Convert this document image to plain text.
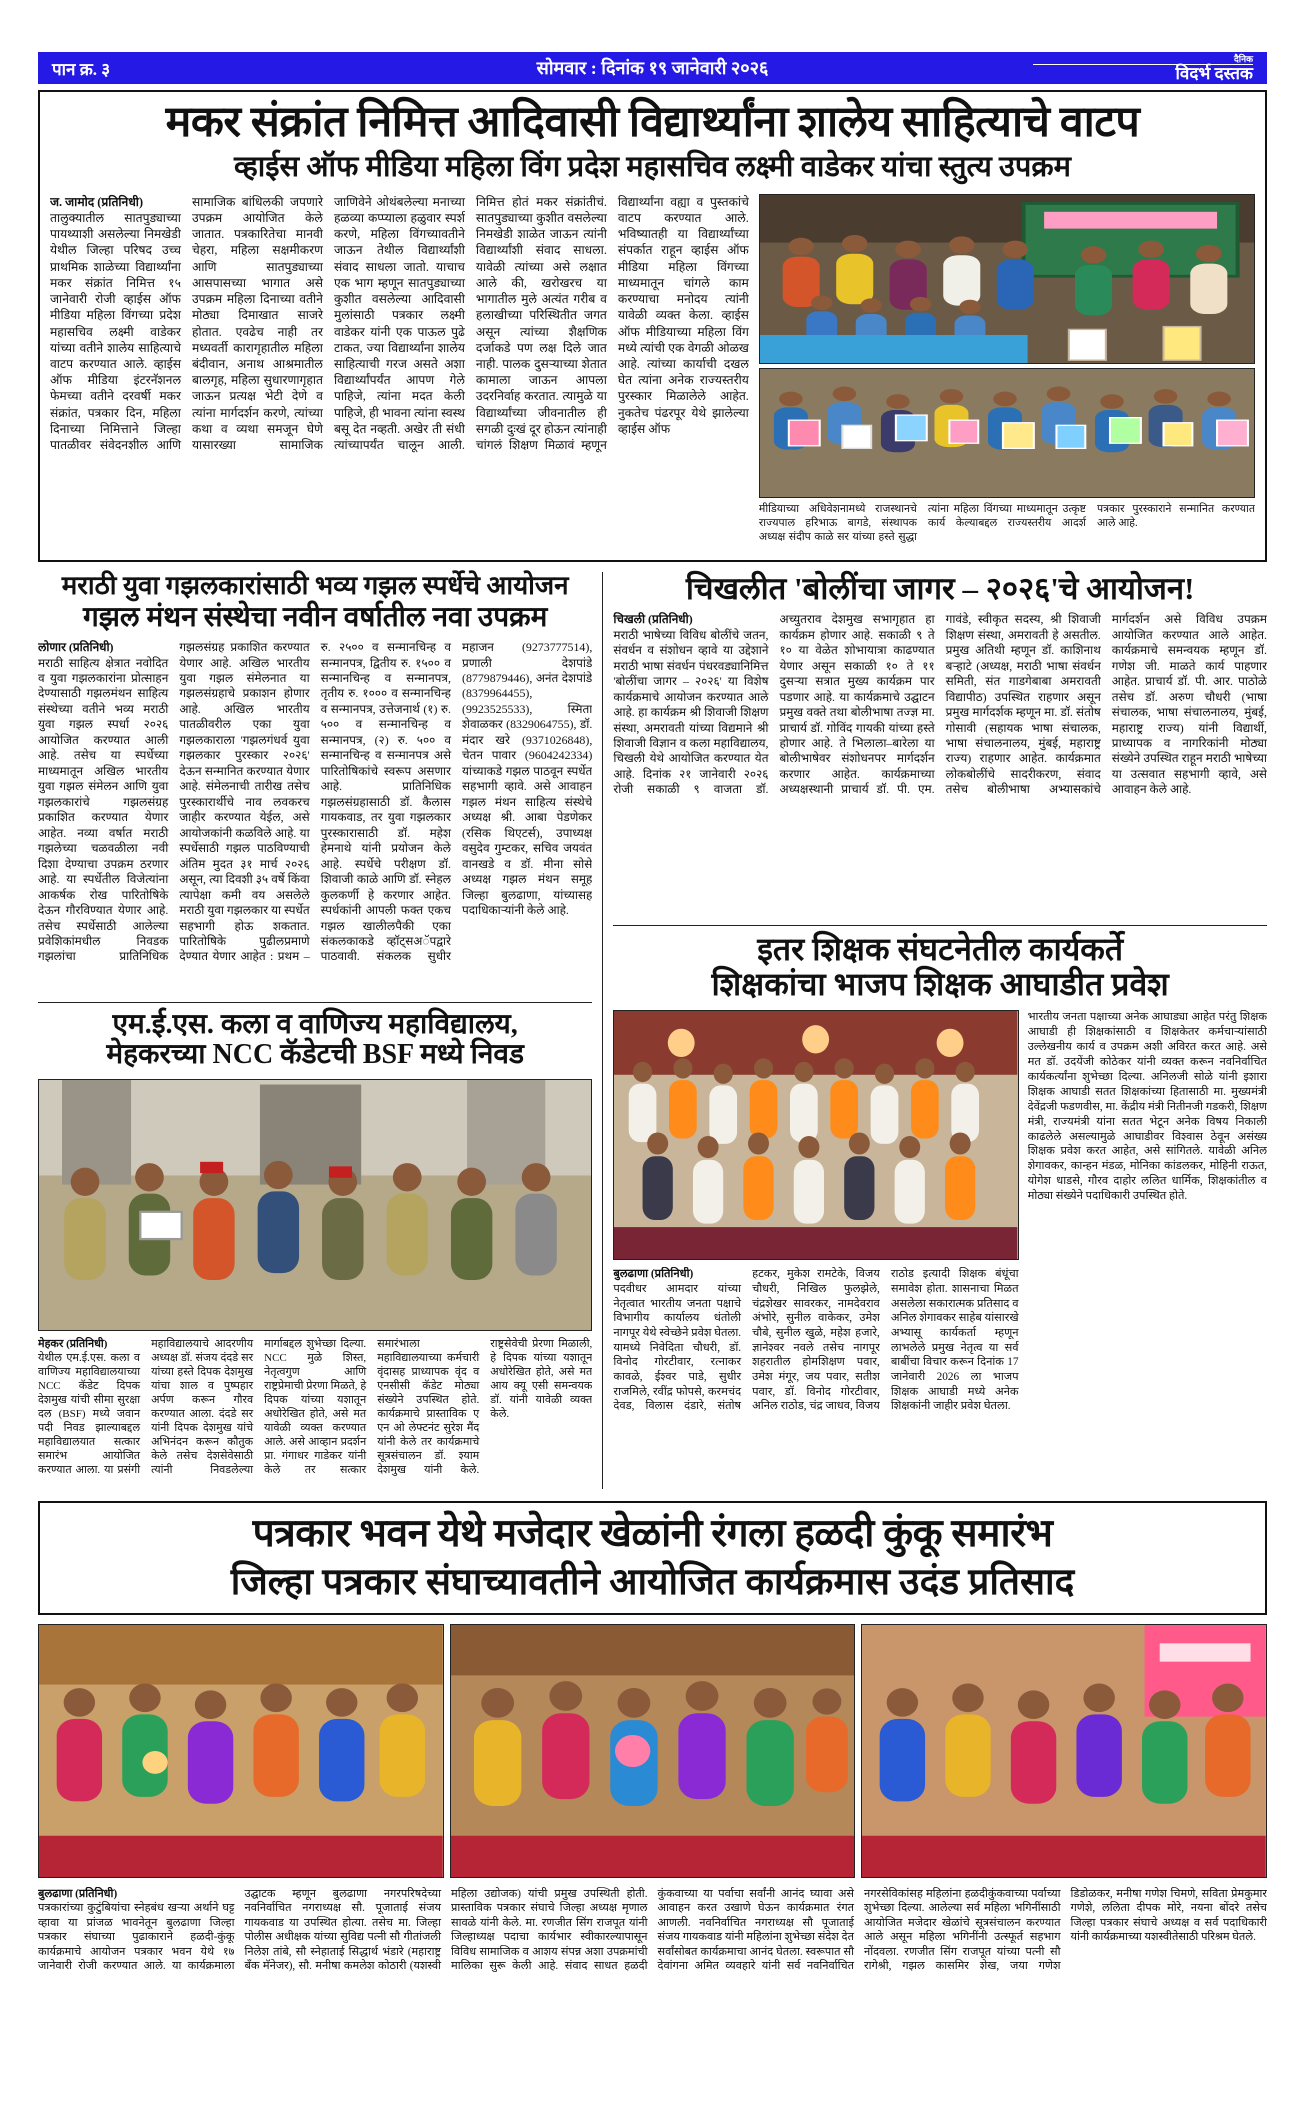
पान क्र. ३	सोमवार : दिनांक १९ जानेवारी २०२६	दैनिक
विदर्भ दस्तक
मकर संक्रांत निमित्त आदिवासी विद्यार्थ्यांना शालेय साहित्याचे वाटप
व्हाईस ऑफ मीडिया महिला विंग प्रदेश महासचिव लक्ष्मी वाडेकर यांचा स्तुत्य उपक्रम

ज. जामोद (प्रतिनिधी)
तालुक्यातील सातपुड्याच्या पायथ्याशी असलेल्या निमखेडी येथील जिल्हा परिषद उच्च प्राथमिक शाळेच्या विद्यार्थ्यांना मकर संक्रांत निमित्त १५ जानेवारी रोजी व्हाईस ऑफ मीडिया महिला विंगच्या प्रदेश महासचिव लक्ष्मी वाडेकर यांच्या वतीने शालेय साहित्याचे वाटप करण्यात आले. व्हाईस ऑफ मीडिया इंटरनॅशनल फेमच्या वतीने दरवर्षी मकर संक्रांत, पत्रकार दिन, महिला दिनाच्या निमित्ताने जिल्हा पातळीवर संवेदनशील आणि सामाजिक बांधिलकी जपणारे उपक्रम आयोजित केले जातात. पत्रकारितेचा मानवी चेहरा, महिला सक्षमीकरण आणि सातपुड्याच्या आसपासच्या भागात असे उपक्रम महिला दिनाच्या वतीने मोठ्या दिमाखात साजरे होतात. एवढेच नाही तर मध्यवर्ती कारागृहातील महिला बंदीवान, अनाथ आश्रमातील बालगृह, महिला सुधारणागृहात जाऊन प्रत्यक्ष भेटी देणे व त्यांना मार्गदर्शन करणे, त्यांच्या कथा व व्यथा समजून घेणे यासारख्या सामाजिक जाणिवेने ओथंबलेल्या मनाच्या हळव्या कप्प्याला हळुवार स्पर्श करणे, महिला विंगच्यावतीने जाऊन तेथील विद्यार्थ्यांशी संवाद साधला जातो. याचाच एक भाग म्हणून सातपुड्याच्या कुशीत वसलेल्या आदिवासी मुलांसाठी पत्रकार लक्ष्मी वाडेकर यांनी एक पाऊल पुढे टाकत, ज्या विद्यार्थ्यांना शालेय साहित्याची गरज असते अशा विद्यार्थ्यांपर्यंत आपण गेले पाहिजे, त्यांना मदत केली पाहिजे, ही भावना त्यांना स्वस्थ बसू देत नव्हती. अखेर ती संधी त्यांच्यापर्यंत चालून आली. निमित्त होतं मकर संक्रांतीचं. सातपुड्याच्या कुशीत वसलेल्या निमखेडी शाळेत जाऊन त्यांनी विद्यार्थ्यांशी संवाद साधला. यावेळी त्यांच्या असे लक्षात आले की, खरोखरच या भागातील मुले अत्यंत गरीब व हलाखीच्या परिस्थितीत जगत असून त्यांच्या शैक्षणिक दर्जाकडे पण लक्ष दिले जात नाही. पालक दुसऱ्याच्या शेतात कामाला जाऊन आपला उदरनिर्वाह करतात. त्यामुळे या विद्यार्थ्यांच्या जीवनातील ही सगळी दुःखं दूर होऊन त्यांनाही चांगलं शिक्षण मिळावं म्हणून विद्यार्थ्यांना वह्या व पुस्तकांचे वाटप करण्यात आले. भविष्यातही या विद्यार्थ्यांच्या संपर्कात राहून व्हाईस ऑफ मीडिया महिला विंगच्या माध्यमातून चांगले काम करण्याचा मनोदय त्यांनी यावेळी व्यक्त केला. व्हाईस ऑफ मीडियाच्या महिला विंग मध्ये त्यांची एक वेगळी ओळख आहे. त्यांच्या कार्याची दखल घेत त्यांना अनेक राज्यस्तरीय पुरस्कार मिळालेले आहेत. नुकतेच पंढरपूर येथे झालेल्या व्हाईस ऑफ

मीडियाच्या अधिवेशनामध्ये राजस्थानचे राज्यपाल हरिभाऊ बागडे, संस्थापक अध्यक्ष संदीप काळे सर यांच्या हस्ते सुद्धा त्यांना महिला विंगच्या माध्यमातून उत्कृष्ट कार्य केल्याबद्दल राज्यस्तरीय आदर्श पत्रकार पुरस्काराने सन्मानित करण्यात आले आहे.

मराठी युवा गझलकारांसाठी भव्य गझल स्पर्धेचे आयोजन
गझल मंथन संस्थेचा नवीन वर्षातील नवा उपक्रम

लोणार (प्रतिनिधी)
मराठी साहित्य क्षेत्रात नवोदित व युवा गझलकारांना प्रोत्साहन देण्यासाठी गझलमंथन साहित्य संस्थेच्या वतीने भव्य मराठी युवा गझल स्पर्धा २०२६ आयोजित करण्यात आली आहे. तसेच या स्पर्धेच्या माध्यमातून अखिल भारतीय युवा गझल संमेलन आणि युवा गझलकारांचे गझलसंग्रह प्रकाशित करण्यात येणार आहेत. नव्या वर्षात मराठी गझलेच्या चळवळीला नवी दिशा देण्याचा उपक्रम ठरणार आहे. या स्पर्धेतील विजेत्यांना आकर्षक रोख पारितोषिके देऊन गौरविण्यात येणार आहे. तसेच स्पर्धेसाठी आलेल्या प्रवेशिकांमधील निवडक गझलांचा प्रातिनिधिक गझलसंग्रह प्रकाशित करण्यात येणार आहे. अखिल भारतीय युवा गझल संमेलनात या गझलसंग्रहाचे प्रकाशन होणार आहे. अखिल भारतीय पातळीवरील एका युवा गझलकाराला 'गझलगंधर्व युवा गझलकार पुरस्कार २०२६' देऊन सन्मानित करण्यात येणार आहे. संमेलनाची तारीख तसेच पुरस्कारार्थीचे नाव लवकरच जाहीर करण्यात येईल, असे आयोजकांनी कळविले आहे. या स्पर्धेसाठी गझल पाठविण्याची अंतिम मुदत ३१ मार्च २०२६ असून, त्या दिवशी ३५ वर्षे किंवा त्यापेक्षा कमी वय असलेले मराठी युवा गझलकार या स्पर्धेत सहभागी होऊ शकतात. पारितोषिके पुढीलप्रमाणे देण्यात येणार आहेत : प्रथम – रु. २५०० व सन्मानचिन्ह व सन्मानपत्र, द्वितीय रु. १५०० व सन्मानचिन्ह व सन्मानपत्र, तृतीय रु. १००० व सन्मानचिन्ह व सन्मानपत्र, उत्तेजनार्थ (१) रु. ५०० व सन्मानचिन्ह व सन्मानपत्र, (२) रु. ५०० व सन्मानचिन्ह व सन्मानपत्र असे पारितोषिकांचे स्वरूप असणार आहे. प्रातिनिधिक गझलसंग्रहासाठी डॉ. कैलास गायकवाड, तर युवा गझलकार पुरस्कारासाठी डॉ. महेश हेमनाथे यांनी प्रयोजन केले आहे. स्पर्धेचे परीक्षण डॉ. शिवाजी काळे आणि डॉ. स्नेहल कुलकर्णी हे करणार आहेत. स्पर्धकांनी आपली फक्त एकच गझल खालीलपैकी एका संकलकाकडे व्हॉट्सअॅपद्वारे पाठवावी. संकलक सुधीर महाजन (9273777514), प्रणाली देशपांडे (8779879446), अनंत देशपांडे (8379964455), (9923525533), स्मिता शेवाळकर (8329064755), डॉ. मंदार खरे (9371026848), चेतन पावार (9604242334) यांच्याकडे गझल पाठवून स्पर्धेत सहभागी व्हावे. असे आवाहन गझल मंथन साहित्य संस्थेचे अध्यक्ष श्री. आबा पेडणेकर (रसिक थिएटर्स), उपाध्यक्ष वसुदेव गुम्टकर, सचिव जयवंत वानखडे व डॉ. मीना सोसे अध्यक्ष गझल मंथन समूह जिल्हा बुलढाणा, यांच्यासह पदाधिकाऱ्यांनी केले आहे.

एम.ई.एस. कला व वाणिज्य महाविद्यालय,
मेहकरच्या NCC कॅडेटची BSF मध्ये निवड

मेहकर (प्रतिनिधी)
येथील एम.ई.एस. कला व वाणिज्य महाविद्यालयाच्या NCC कॅडेट दिपक देशमुख यांची सीमा सुरक्षा दल (BSF) मध्ये जवान पदी निवड झाल्याबद्दल महाविद्यालयात सत्कार समारंभ आयोजित करण्यात आला. या प्रसंगी महाविद्यालयाचे आदरणीय अध्यक्ष डॉ. संजय दंदडे सर यांच्या हस्ते दिपक देशमुख यांचा शाल व पुष्पहार अर्पण करून गौरव करण्यात आला. दंदडे सर यांनी दिपक देशमुख यांचे अभिनंदन करून कौतुक केले तसेच देशसेवेसाठी त्यांनी निवडलेल्या मार्गाबद्दल शुभेच्छा दिल्या. NCC मुळे शिस्त, नेतृत्वगुण आणि राष्ट्रप्रेमाची प्रेरणा मिळते, हे दिपक यांच्या यशातून अधोरेखित होते, असे मत यावेळी व्यक्त करण्यात आले. असे आव्हान प्रदर्शन प्रा. गंगाधर गाडेकर यांनी केले तर सत्कार समारंभाला महाविद्यालयाच्या कर्मचारी वृंदासह प्राध्यापक वृंद व एनसीसी कॅडेट मोठ्या संख्येने उपस्थित होते. कार्यक्रमाचे प्रास्ताविक ए एन ओ लेफ्टनंट सुरेश मैंद यांनी केले तर कार्यक्रमाचे सूत्रसंचालन डॉ. श्याम देशमुख यांनी केले. राष्ट्रसेवेची प्रेरणा मिळाली, हे दिपक यांच्या यशातून अधोरेखित होते, असे मत आय क्यू एसी समन्वयक डॉ. यांनी यावेळी व्यक्त केले.

चिखलीत 'बोलींचा जागर – २०२६'चे आयोजन!

चिखली (प्रतिनिधी)
मराठी भाषेच्या विविध बोलींचे जतन, संवर्धन व संशोधन व्हावे या उद्देशाने मराठी भाषा संवर्धन पंधरवड्यानिमित्त 'बोलींचा जागर – २०२६' या विशेष कार्यक्रमाचे आयोजन करण्यात आले आहे. हा कार्यक्रम श्री शिवाजी शिक्षण संस्था, अमरावती यांच्या विद्यमाने श्री शिवाजी विज्ञान व कला महाविद्यालय, चिखली येथे आयोजित करण्यात येत आहे. दिनांक २१ जानेवारी २०२६ रोजी सकाळी ९ वाजता डॉ. अच्युतराव देशमुख सभागृहात हा कार्यक्रम होणार आहे. सकाळी ९ ते १० या वेळेत शोभायात्रा काढण्यात येणार असून सकाळी १० ते ११ दुसऱ्या सत्रात मुख्य कार्यक्रम पार पडणार आहे. या कार्यक्रमाचे उद्घाटन प्रमुख वक्ते तथा बोलीभाषा तज्ज्ञ मा. प्राचार्य डॉ. गोविंद गायकी यांच्या हस्ते होणार आहे. ते भिलाला–बारेला या बोलीभाषेवर संशोधनपर मार्गदर्शन करणार आहेत. कार्यक्रमाच्या अध्यक्षस्थानी प्राचार्य डॉ. पी. एम. गावंडे, स्वीकृत सदस्य, श्री शिवाजी शिक्षण संस्था, अमरावती हे असतील. प्रमुख अतिथी म्हणून डॉ. काशिनाथ बऱ्हाटे (अध्यक्ष, मराठी भाषा संवर्धन समिती, संत गाडगेबाबा अमरावती विद्यापीठ) उपस्थित राहणार असून प्रमुख मार्गदर्शक म्हणून मा. डॉ. संतोष गोसावी (सहायक भाषा संचालक, भाषा संचालनालय, मुंबई, महाराष्ट्र राज्य) राहणार आहेत. कार्यक्रमात लोकबोलींचे सादरीकरण, संवाद तसेच बोलीभाषा अभ्यासकांचे मार्गदर्शन असे विविध उपक्रम आयोजित करण्यात आले आहेत. कार्यक्रमाचे समन्वयक म्हणून डॉ. गणेश जी. माळते कार्य पाहणार आहेत. प्राचार्य डॉ. पी. आर. पाठोळे तसेच डॉ. अरुण चौधरी (भाषा संचालक, भाषा संचालनालय, मुंबई, महाराष्ट्र राज्य) यांनी विद्यार्थी, प्राध्यापक व नागरिकांनी मोठ्या संख्येने उपस्थित राहून मराठी भाषेच्या या उत्सवात सहभागी व्हावे, असे आवाहन केले आहे.

इतर शिक्षक संघटनेतील कार्यकर्ते
शिक्षकांचा भाजप शिक्षक आघाडीत प्रवेश

बुलढाणा (प्रतिनिधी)
पदवीधर आमदार यांच्या नेतृत्वात भारतीय जनता पक्षाचे विभागीय कार्यालय धंतोली नागपूर येथे स्वेच्छेने प्रवेश घेतला. यामध्ये निवेदिता चौधरी, डॉ. विनोद गोरटीवार, रत्नाकर कावळे, ईश्वर पाडे, सुधीर राजमिले, रवींद्र फोपसे, करमचंद देवड, विलास दंडारे, संतोष हटकर, मुकेश रामटेके, विजय चौधरी, निखिल फुलझेले, चंद्रशेखर सावरकर, नामदेवराव अंभोरे, सुनील वाकेकर, उमेश चौबे, सुनील खुळे, महेश हजारे, ज्ञानेश्वर नवले तसेच नागपूर शहरातील होमशिक्षण पवार, उमेश मंगूर, जय पवार, सतीश पवार, डॉ. विनोद गोरटीवार, अनिल राठोड, चंद्र जाधव, विजय राठोड इत्यादी शिक्षक बंधूंचा समावेश होता. शासनाचा मिळत असलेला सकारात्मक प्रतिसाद व अनिल शेगावकर साहेब यांसारखे अभ्यासू कार्यकर्ता म्हणून लाभलेले प्रमुख नेतृत्व या सर्व बाबींचा विचार करून दिनांक 17 जानेवारी 2026 ला भाजप शिक्षक आघाडी मध्ये अनेक शिक्षकांनी जाहीर प्रवेश घेतला.

भारतीय जनता पक्षाच्या अनेक आघाड्या आहेत परंतु शिक्षक आघाडी ही शिक्षकांसाठी व शिक्षकेतर कर्मचाऱ्यांसाठी उल्लेखनीय कार्य व उपक्रम अशी अविरत करत आहे. असे मत डॉ. उदयेंजी कोठेकर यांनी व्यक्त करून नवनिर्वाचित कार्यकर्त्यांना शुभेच्छा दिल्या. अनिलजी सोळे यांनी इशारा शिक्षक आघाडी सतत शिक्षकांच्या हितासाठी मा. मुख्यमंत्री देवेंद्रजी फडणवीस, मा. केंद्रीय मंत्री नितीनजी गडकरी, शिक्षण मंत्री, राज्यमंत्री यांना सतत भेटून अनेक विषय निकाली काढलेले असल्यामुळे आघाडीवर विश्वास ठेवून असंख्य शिक्षक प्रवेश करत आहेत, असे सांगितले. यावेळी अनिल शेगावकर, कान्हन मंडळ, मोनिका कांडलकर, मोहिनी राऊत, योगेश धाडसे, गौरव दाहोर ललित धार्मिक, शिक्षकांतील व मोठ्या संख्येने पदाधिकारी उपस्थित होते.

पत्रकार भवन येथे मजेदार खेळांनी रंगला हळदी कुंकू समारंभ
जिल्हा पत्रकार संघाच्यावतीने आयोजित कार्यक्रमास उदंड प्रतिसाद

बुलढाणा (प्रतिनिधी)
पत्रकारांच्या कुटुंबियांचा स्नेहबंध खऱ्या अर्थाने घट्ट व्हावा या प्रांजळ भावनेतून बुलढाणा जिल्हा पत्रकार संघाच्या पुढाकाराने हळदी-कुंकू कार्यक्रमाचे आयोजन पत्रकार भवन येथे १७ जानेवारी रोजी करण्यात आले. या कार्यक्रमाला उद्घाटक म्हणून बुलढाणा नगरपरिषदेच्या नवनिर्वाचित नगराध्यक्ष सौ. पूजाताई संजय गायकवाड या उपस्थित होत्या. तसेच मा. जिल्हा पोलीस अधीक्षक यांच्या सुविद्य पत्नी सौ गीतांजली निलेश तांबे, सौ स्नेहाताई सिद्धार्थ भंडारे (महाराष्ट्र बँक मॅनेजर), सौ. मनीषा कमलेश कोठारी (यशस्वी महिला उद्योजक) यांची प्रमुख उपस्थिती होती. प्रास्ताविक पत्रकार संघाचे जिल्हा अध्यक्ष मृणाल सावळे यांनी केले. मा. रणजीत सिंग राजपूत यांनी जिल्हाध्यक्ष पदाचा कार्यभार स्वीकारल्यापासून विविध सामाजिक व आशय संपन्न अशा उपक्रमांची मालिका सुरू केली आहे. संवाद साधत हळदी कुंकवाच्या या पर्वाचा सर्वांनी आनंद घ्यावा असे आवाहन करत उखाणे घेऊन कार्यक्रमात रंगत आणली. नवनिर्वाचित नगराध्यक्ष सौ पूजाताई संजय गायकवाड यांनी महिलांना शुभेच्छा संदेश देत सर्वांसोबत कार्यक्रमाचा आनंद घेतला. स्वरूपात सौ देवांगना अमित व्यवहारे यांनी सर्व नवनिर्वाचित नगरसेविकांसह महिलांना हळदीकुंकवाच्या पर्वाच्या शुभेच्छा दिल्या. आलेल्या सर्व महिला भगिनींसाठी आयोजित मजेदार खेळांचे सूत्रसंचालन करण्यात आले असून महिला भगिनींनी उत्स्फूर्त सहभाग नोंदवला. रणजीत सिंग राजपूत यांच्या पत्नी सौ रागेश्री, गझल कासमिर शेख, जया गणेश डिडोळकर, मनीषा गणेश चिमणे, सविता प्रेमकुमार गणेशे, ललिता दीपक मोरे, नयना बोंदरे तसेच जिल्हा पत्रकार संघाचे अध्यक्ष व सर्व पदाधिकारी यांनी कार्यक्रमाच्या यशस्वीतेसाठी परिश्रम घेतले.
